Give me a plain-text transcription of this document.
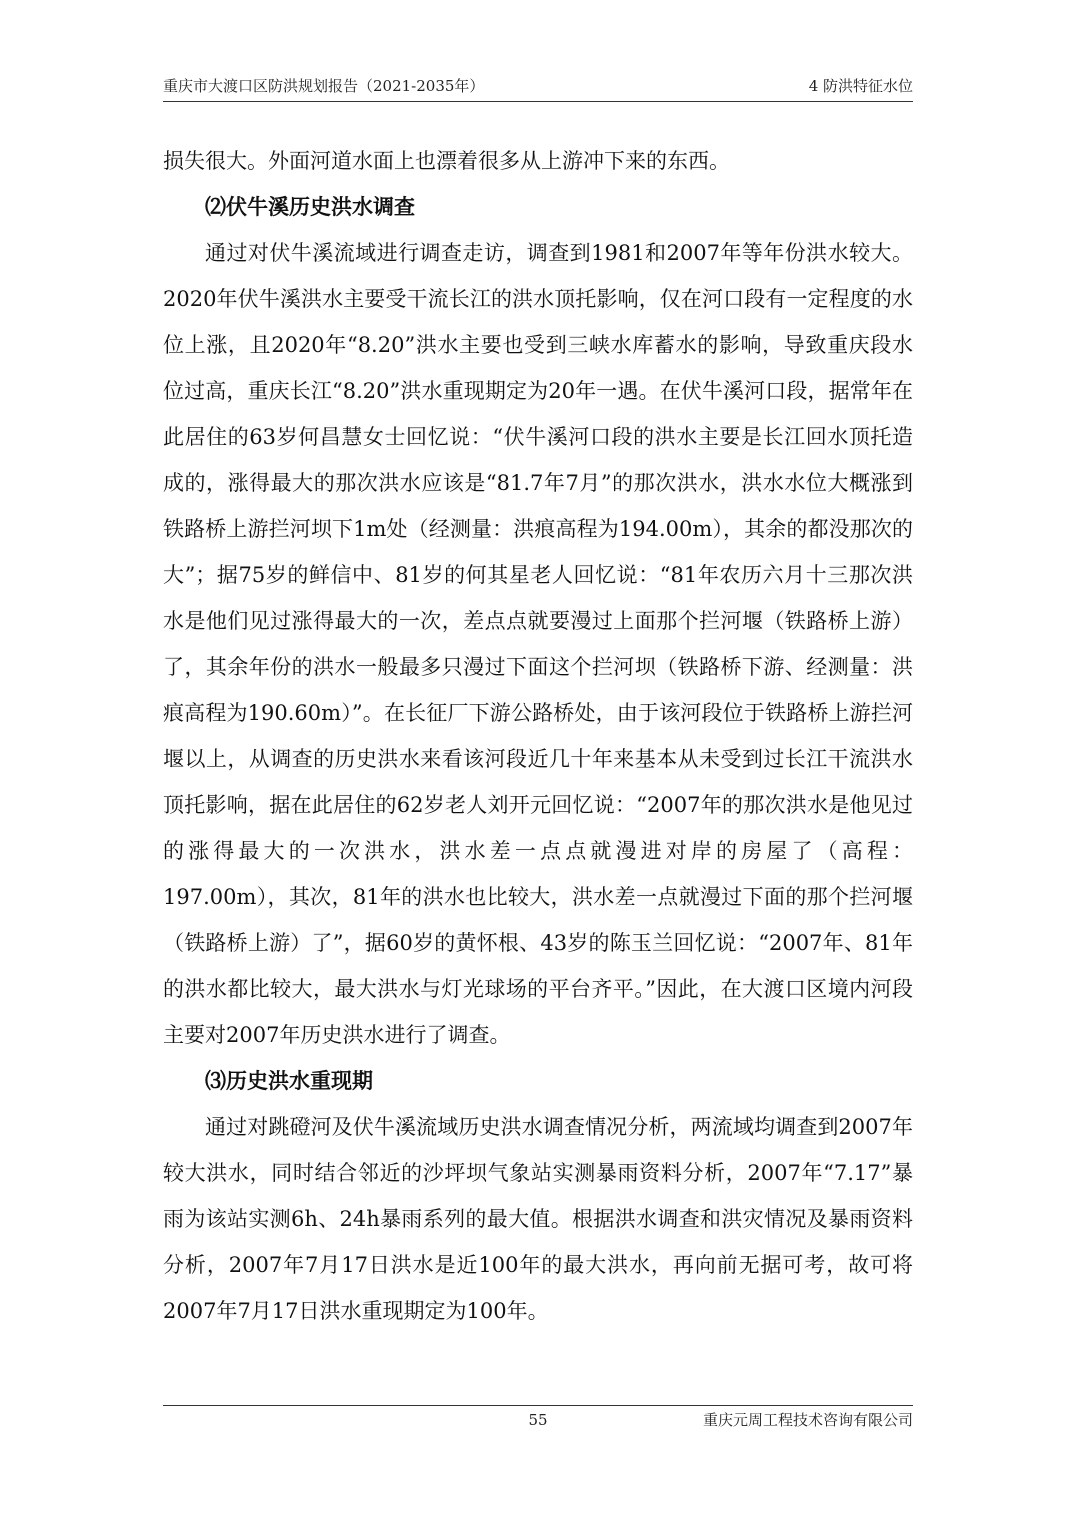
重庆市大渡口区防洪规划报告（2021-2035年）	4 防洪特征水位

损失很大。外面河道水面上也漂着很多从上游冲下来的东西。

⑵伏牛溪历史洪水调查

通过对伏牛溪流域进行调查走访，调查到1981和2007年等年份洪水较大。2020年伏牛溪洪水主要受干流长江的洪水顶托影响，仅在河口段有一定程度的水位上涨，且2020年“8.20”洪水主要也受到三峡水库蓄水的影响，导致重庆段水位过高，重庆长江“8.20”洪水重现期定为20年一遇。在伏牛溪河口段，据常年在此居住的63岁何昌慧女士回忆说：“伏牛溪河口段的洪水主要是长江回水顶托造成的，涨得最大的那次洪水应该是“81.7年7月”的那次洪水，洪水水位大概涨到铁路桥上游拦河坝下1m处（经测量：洪痕高程为194.00m），其余的都没那次的大”；据75岁的鲜信中、81岁的何其星老人回忆说：“81年农历六月十三那次洪水是他们见过涨得最大的一次，差点点就要漫过上面那个拦河堰（铁路桥上游）了，其余年份的洪水一般最多只漫过下面这个拦河坝（铁路桥下游、经测量：洪痕高程为190.60m）”。在长征厂下游公路桥处，由于该河段位于铁路桥上游拦河堰以上，从调查的历史洪水来看该河段近几十年来基本从未受到过长江干流洪水顶托影响，据在此居住的62岁老人刘开元回忆说：“2007年的那次洪水是他见过的涨得最大的一次洪水，洪水差一点点就漫进对岸的房屋了（高程：197.00m），其次，81年的洪水也比较大，洪水差一点就漫过下面的那个拦河堰（铁路桥上游）了”，据60岁的黄怀根、43岁的陈玉兰回忆说：“2007年、81年的洪水都比较大，最大洪水与灯光球场的平台齐平。”因此，在大渡口区境内河段主要对2007年历史洪水进行了调查。

⑶历史洪水重现期

通过对跳磴河及伏牛溪流域历史洪水调查情况分析，两流域均调查到2007年较大洪水，同时结合邻近的沙坪坝气象站实测暴雨资料分析，2007年“7.17”暴雨为该站实测6h、24h暴雨系列的最大值。根据洪水调查和洪灾情况及暴雨资料分析，2007年7月17日洪水是近100年的最大洪水，再向前无据可考，故可将2007年7月17日洪水重现期定为100年。

55	重庆元周工程技术咨询有限公司
